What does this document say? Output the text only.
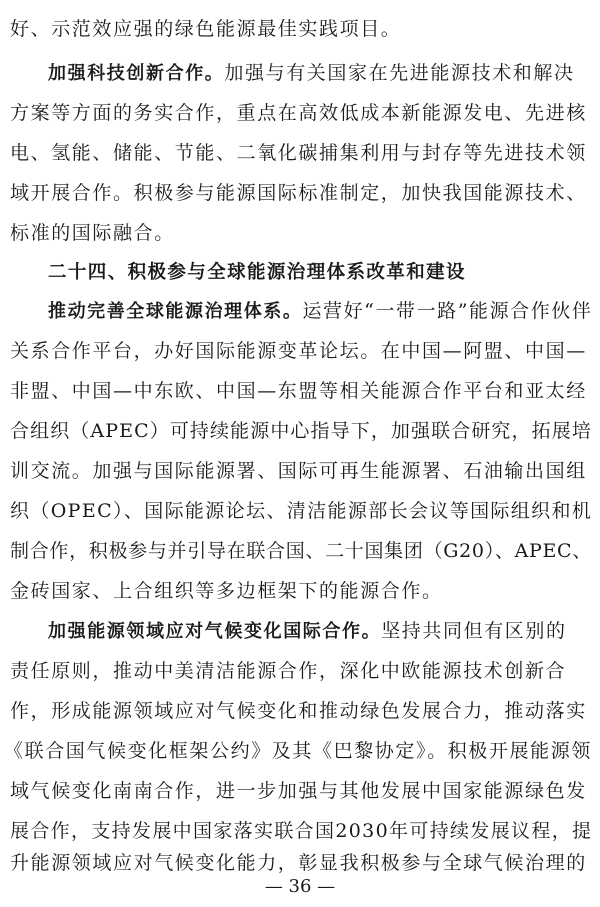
好、示范效应强的绿色能源最佳实践项目。
加强科技创新合作。加强与有关国家在先进能源技术和解决
方案等方面的务实合作，重点在高效低成本新能源发电、先进核
电、氢能、储能、节能、二氧化碳捕集利用与封存等先进技术领
域开展合作。积极参与能源国际标准制定，加快我国能源技术、
标准的国际融合。
二十四、积极参与全球能源治理体系改革和建设
推动完善全球能源治理体系。运营好“一带一路”能源合作伙伴
关系合作平台，办好国际能源变革论坛。在中国—阿盟、中国—
非盟、中国—中东欧、中国—东盟等相关能源合作平台和亚太经
合组织（APEC）可持续能源中心指导下，加强联合研究，拓展培
训交流。加强与国际能源署、国际可再生能源署、石油输出国组
织（OPEC）、国际能源论坛、清洁能源部长会议等国际组织和机
制合作，积极参与并引导在联合国、二十国集团（G20）、APEC、
金砖国家、上合组织等多边框架下的能源合作。
加强能源领域应对气候变化国际合作。坚持共同但有区别的
责任原则，推动中美清洁能源合作，深化中欧能源技术创新合
作，形成能源领域应对气候变化和推动绿色发展合力，推动落实
《联合国气候变化框架公约》及其《巴黎协定》。积极开展能源领
域气候变化南南合作，进一步加强与其他发展中国家能源绿色发
展合作，支持发展中国家落实联合国2030年可持续发展议程，提
升能源领域应对气候变化能力，彰显我积极参与全球气候治理的
— 36 —
